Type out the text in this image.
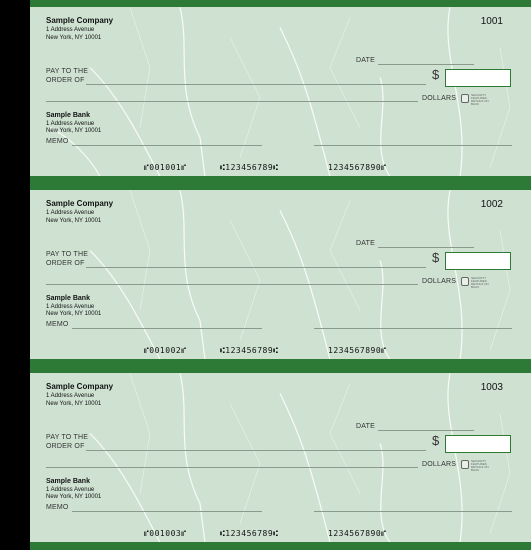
Sample Company
1 Address Avenue
New York, NY 10001
1001
DATE
PAY TO THE
ORDER OF	$
DOLLARS	SECURITY FEATURES DETAILS ON BACK
Sample Bank
1 Address Avenue
New York, NY 10001
MEMO
⑈001001⑈	⑆123456789⑆	1234567890⑈
Sample Company
1 Address Avenue
New York, NY 10001
1002
DATE
PAY TO THE
ORDER OF	$
DOLLARS	SECURITY FEATURES DETAILS ON BACK
Sample Bank
1 Address Avenue
New York, NY 10001
MEMO
⑈001002⑈	⑆123456789⑆	1234567890⑈
Sample Company
1 Address Avenue
New York, NY 10001
1003
DATE
PAY TO THE
ORDER OF	$
DOLLARS	SECURITY FEATURES DETAILS ON BACK
Sample Bank
1 Address Avenue
New York, NY 10001
MEMO
⑈001003⑈	⑆123456789⑆	1234567890⑈
